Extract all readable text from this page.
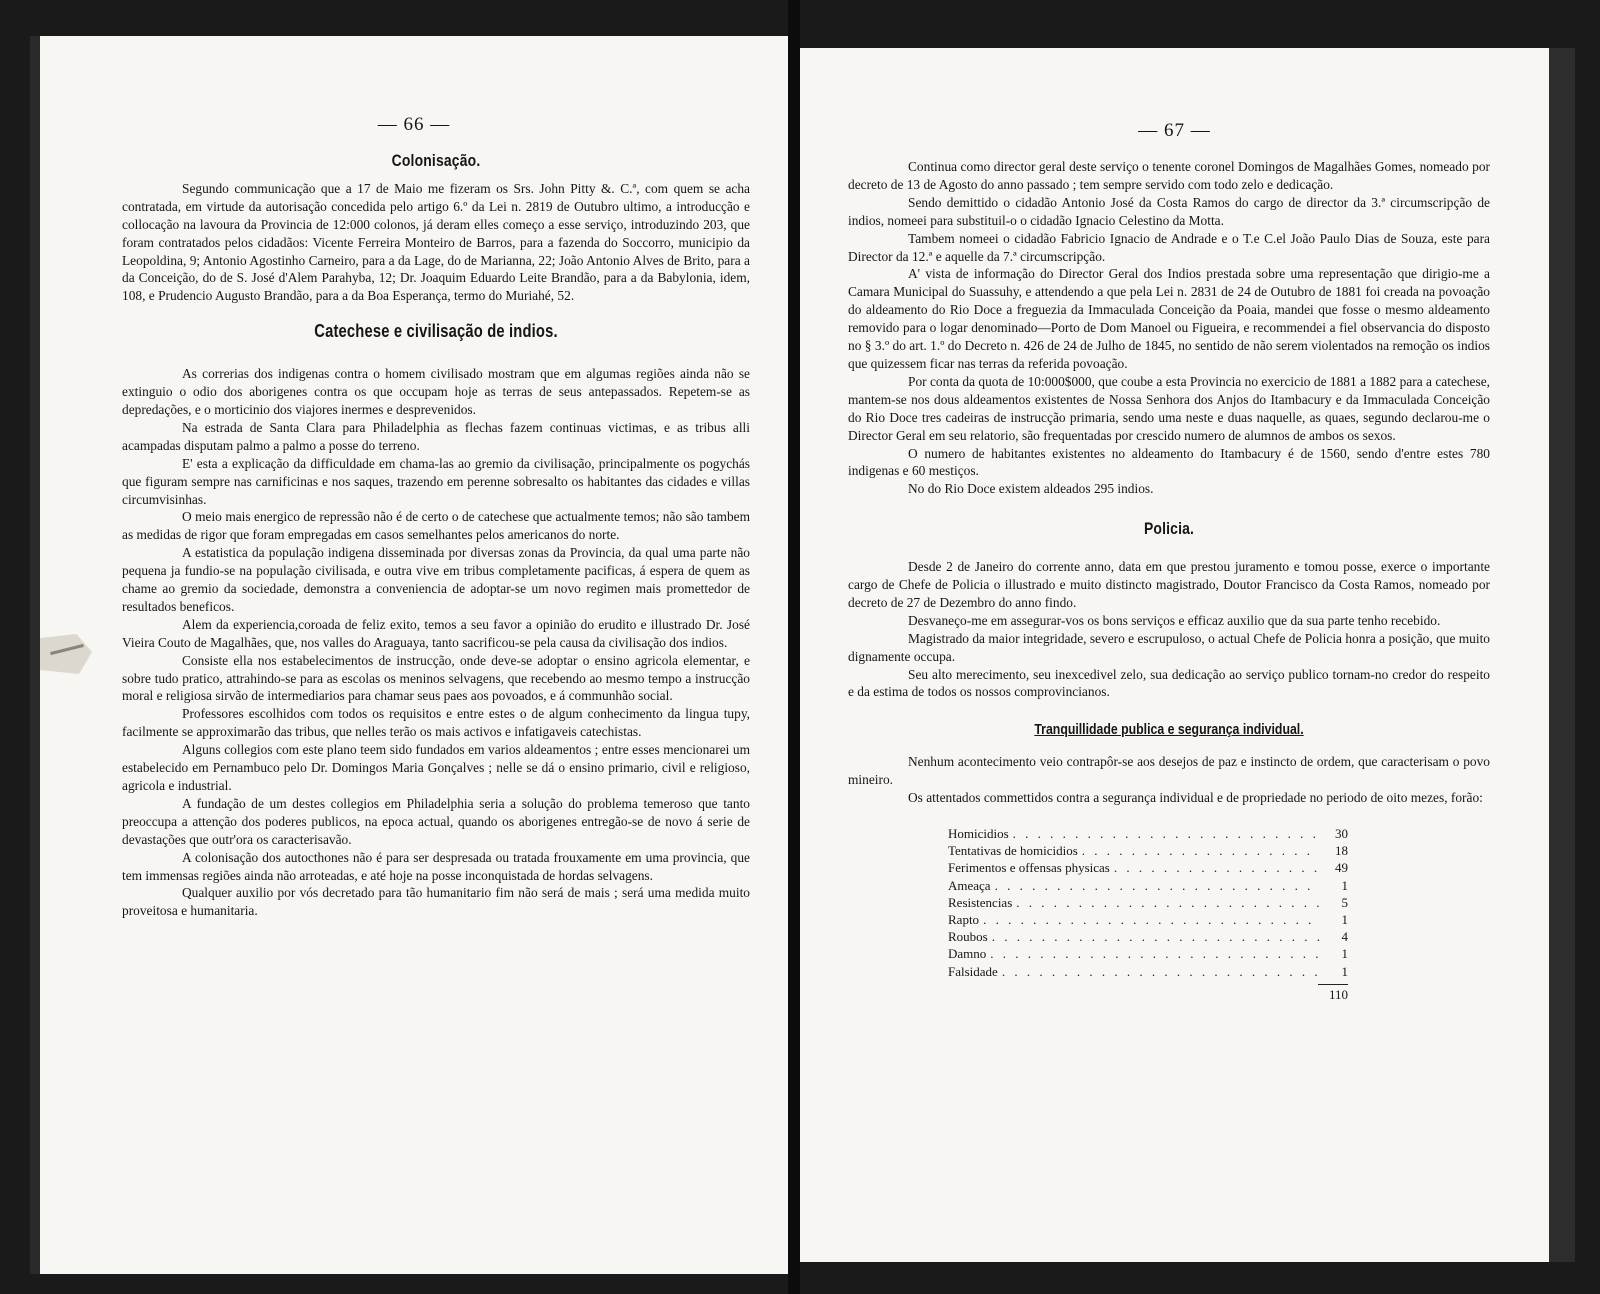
— 66 —
Colonisação.

Segundo communicação que a 17 de Maio me fizeram os Srs. John Pitty &. C.ª, com quem se acha contratada, em virtude da autorisação concedida pelo artigo 6.º da Lei n. 2819 de Outubro ultimo, a introducção e collocação na lavoura da Provincia de 12:000 colonos, já deram elles começo a esse serviço, introduzindo 203, que foram contratados pelos cidadãos: Vicente Ferreira Monteiro de Barros, para a fazenda do Soccorro, municipio da Leopoldina, 9; Antonio Agostinho Carneiro, para a da Lage, do de Marianna, 22; João Antonio Alves de Brito, para a da Conceição, do de S. José d'Alem Parahyba, 12; Dr. Joaquim Eduardo Leite Brandão, para a da Babylonia, idem, 108, e Prudencio Augusto Brandão, para a da Boa Esperança, termo do Muriahé, 52.

Catechese e civilisação de indios.

As correrias dos indigenas contra o homem civilisado mostram que em algumas regiões ainda não se extinguio o odio dos aborigenes contra os que occupam hoje as terras de seus antepassados. Repetem-se as depredações, e o morticinio dos viajores inermes e desprevenidos.

Na estrada de Santa Clara para Philadelphia as flechas fazem continuas victimas, e as tribus alli acampadas disputam palmo a palmo a posse do terreno.

E' esta a explicação da difficuldade em chama-las ao gremio da civilisação, principalmente os pogychás que figuram sempre nas carnificinas e nos saques, trazendo em perenne sobresalto os habitantes das cidades e villas circumvisinhas.

O meio mais energico de repressão não é de certo o de catechese que actualmente temos; não são tambem as medidas de rigor que foram empregadas em casos semelhantes pelos americanos do norte.

A estatistica da população indigena disseminada por diversas zonas da Provincia, da qual uma parte não pequena ja fundio-se na população civilisada, e outra vive em tribus completamente pacificas, á espera de quem as chame ao gremio da sociedade, demonstra a conveniencia de adoptar-se um novo regimen mais promettedor de resultados beneficos.

Alem da experiencia,coroada de feliz exito, temos a seu favor a opinião do erudito e illustrado Dr. José Vieira Couto de Magalhães, que, nos valles do Araguaya, tanto sacrificou-se pela causa da civilisação dos indios.

Consiste ella nos estabelecimentos de instrucção, onde deve-se adoptar o ensino agricola elementar, e sobre tudo pratico, attrahindo-se para as escolas os meninos selvagens, que recebendo ao mesmo tempo a instrucção moral e religiosa sirvão de intermediarios para chamar seus paes aos povoados, e á communhão social.

Professores escolhidos com todos os requisitos e entre estes o de algum conhecimento da lingua tupy, facilmente se approximarão das tribus, que nelles terão os mais activos e infatigaveis catechistas.

Alguns collegios com este plano teem sido fundados em varios aldeamentos ; entre esses mencionarei um estabelecido em Pernambuco pelo Dr. Domingos Maria Gonçalves ; nelle se dá o ensino primario, civil e religioso, agricola e industrial.

A fundação de um destes collegios em Philadelphia seria a solução do problema temeroso que tanto preoccupa a attenção dos poderes publicos, na epoca actual, quando os aborigenes entregão-se de novo á serie de devastações que outr'ora os caracterisavão.

A colonisação dos autocthones não é para ser despresada ou tratada frouxamente em uma provincia, que tem immensas regiões ainda não arroteadas, e até hoje na posse inconquistada de hordas selvagens.

Qualquer auxilio por vós decretado para tão humanitario fim não será de mais ; será uma medida muito proveitosa e humanitaria.

— 67 —

Continua como director geral deste serviço o tenente coronel Domingos de Magalhães Gomes, nomeado por decreto de 13 de Agosto do anno passado ; tem sempre servido com todo zelo e dedicação.

Sendo demittido o cidadão Antonio José da Costa Ramos do cargo de director da 3.ª circumscripção de indios, nomeei para substituil-o o cidadão Ignacio Celestino da Motta.

Tambem nomeei o cidadão Fabricio Ignacio de Andrade e o T.e C.el João Paulo Dias de Souza, este para Director da 12.ª e aquelle da 7.ª circumscripção.

A' vista de informação do Director Geral dos Indios prestada sobre uma representação que dirigio-me a Camara Municipal do Suassuhy, e attendendo a que pela Lei n. 2831 de 24 de Outubro de 1881 foi creada na povoação do aldeamento do Rio Doce a freguezia da Immaculada Conceição da Poaia, mandei que fosse o mesmo aldeamento removido para o logar denominado—Porto de Dom Manoel ou Figueira, e recommendei a fiel observancia do disposto no § 3.º do art. 1.º do Decreto n. 426 de 24 de Julho de 1845, no sentido de não serem violentados na remoção os indios que quizessem ficar nas terras da referida povoação.

Por conta da quota de 10:000$000, que coube a esta Provincia no exercicio de 1881 a 1882 para a catechese, mantem-se nos dous aldeamentos existentes de Nossa Senhora dos Anjos do Itambacury e da Immaculada Conceição do Rio Doce tres cadeiras de instrucção primaria, sendo uma neste e duas naquelle, as quaes, segundo declarou-me o Director Geral em seu relatorio, são frequentadas por crescido numero de alumnos de ambos os sexos.

O numero de habitantes existentes no aldeamento do Itambacury é de 1560, sendo d'entre estes 780 indigenas e 60 mestiços.

No do Rio Doce existem aldeados 295 indios.

Policia.

Desde 2 de Janeiro do corrente anno, data em que prestou juramento e tomou posse, exerce o importante cargo de Chefe de Policia o illustrado e muito distincto magistrado, Doutor Francisco da Costa Ramos, nomeado por decreto de 27 de Dezembro do anno findo.

Desvaneço-me em assegurar-vos os bons serviços e efficaz auxilio que da sua parte tenho recebido.

Magistrado da maior integridade, severo e escrupuloso, o actual Chefe de Policia honra a posição, que muito dignamente occupa.

Seu alto merecimento, seu inexcedivel zelo, sua dedicação ao serviço publico tornam-no credor do respeito e da estima de todos os nossos comprovincianos.

Tranquillidade publica e segurança individual.

Nenhum acontecimento veio contrapôr-se aos desejos de paz e instincto de ordem, que caracterisam o povo mineiro.

Os attentados commettidos contra a segurança individual e de propriedade no periodo de oito mezes, forão:

Homicidios . . .	30
Tentativas de homicidios . . .	18
Ferimentos e offensas physicas . . .	49
Ameaça . . .	1
Resistencias . . .	5
Rapto . . .	1
Roubos . . .	4
Damno . . .	1
Falsidade . . .	1
110
